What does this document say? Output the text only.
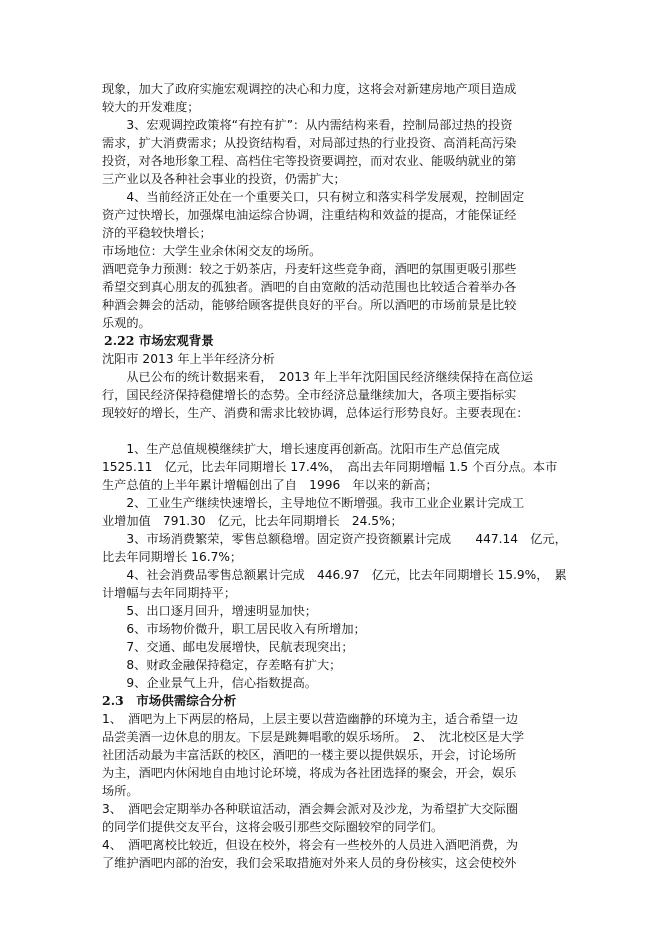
现象，加大了政府实施宏观调控的决心和力度，这将会对新建房地产项目造成
较大的开发难度；
　　3、宏观调控政策将“有控有扩”：从内需结构来看，控制局部过热的投资
需求，扩大消费需求；从投资结构看，对局部过热的行业投资、高消耗高污染
投资，对各地形象工程、高档住宅等投资要调控，而对农业、能吸纳就业的第
三产业以及各种社会事业的投资，仍需扩大；
　　4、当前经济正处在一个重要关口，只有树立和落实科学发展观，控制固定
资产过快增长，加强煤电油运综合协调，注重结构和效益的提高，才能保证经
济的平稳较快增长；
市场地位：大学生业余休闲交友的场所。
酒吧竞争力预测：较之于奶茶店，丹麦轩这些竞争商，酒吧的氛围更吸引那些
希望交到真心朋友的孤独者。酒吧的自由宽敞的活动范围也比较适合着举办各
种酒会舞会的活动，能够给顾客提供良好的平台。所以酒吧的市场前景是比较
乐观的。
2.22 市场宏观背景
沈阳市 2013 年上半年经济分析
　　从已公布的统计数据来看，　2013 年上半年沈阳国民经济继续保持在高位运
行，国民经济保持稳健增长的态势。全市经济总量继续加大，各项主要指标实
现较好的增长，生产、消费和需求比较协调，总体运行形势良好。主要表现在：
　　1、生产总值规模继续扩大，增长速度再创新高。沈阳市生产总值完成
1525.11　亿元，比去年同期增长 17.4%，　高出去年同期增幅 1.5 个百分点。本市
生产总值的上半年累计增幅创出了自　1996　年以来的新高；
　　2、工业生产继续快速增长，主导地位不断增强。我市工业企业累计完成工
业增加值　791.30　亿元，比去年同期增长　24.5%；
　　3、市场消费繁荣，零售总额稳增。固定资产投资额累计完成　　447.14　亿元，
比去年同期增长 16.7%；
　　4、社会消费品零售总额累计完成　446.97　亿元，比去年同期增长 15.9%，　累
计增幅与去年同期持平；
　　5、出口逐月回升，增速明显加快；
　　6、市场物价微升，职工居民收入有所增加；
　　7、交通、邮电发展增快，民航表现突出；
　　8、财政金融保持稳定，存差略有扩大；
　　9、企业景气上升，信心指数提高。
2.3　市场供需综合分析
1、　酒吧为上下两层的格局，上层主要以营造幽静的环境为主，适合希望一边
品尝美酒一边休息的朋友。下层是跳舞唱歌的娱乐场所。　2、　沈北校区是大学
社团活动最为丰富活跃的校区，酒吧的一楼主要以提供娱乐，开会，讨论场所
为主，酒吧内休闲地自由地讨论环境，将成为各社团选择的聚会，开会，娱乐
场所。
3、　酒吧会定期举办各种联谊活动，酒会舞会派对及沙龙，为希望扩大交际圈
的同学们提供交友平台，这将会吸引那些交际圈较窄的同学们。
4、　酒吧离校比较近，但设在校外，将会有一些校外的人员进入酒吧消费，为
了维护酒吧内部的治安，我们会采取措施对外来人员的身份核实，这会使校外
